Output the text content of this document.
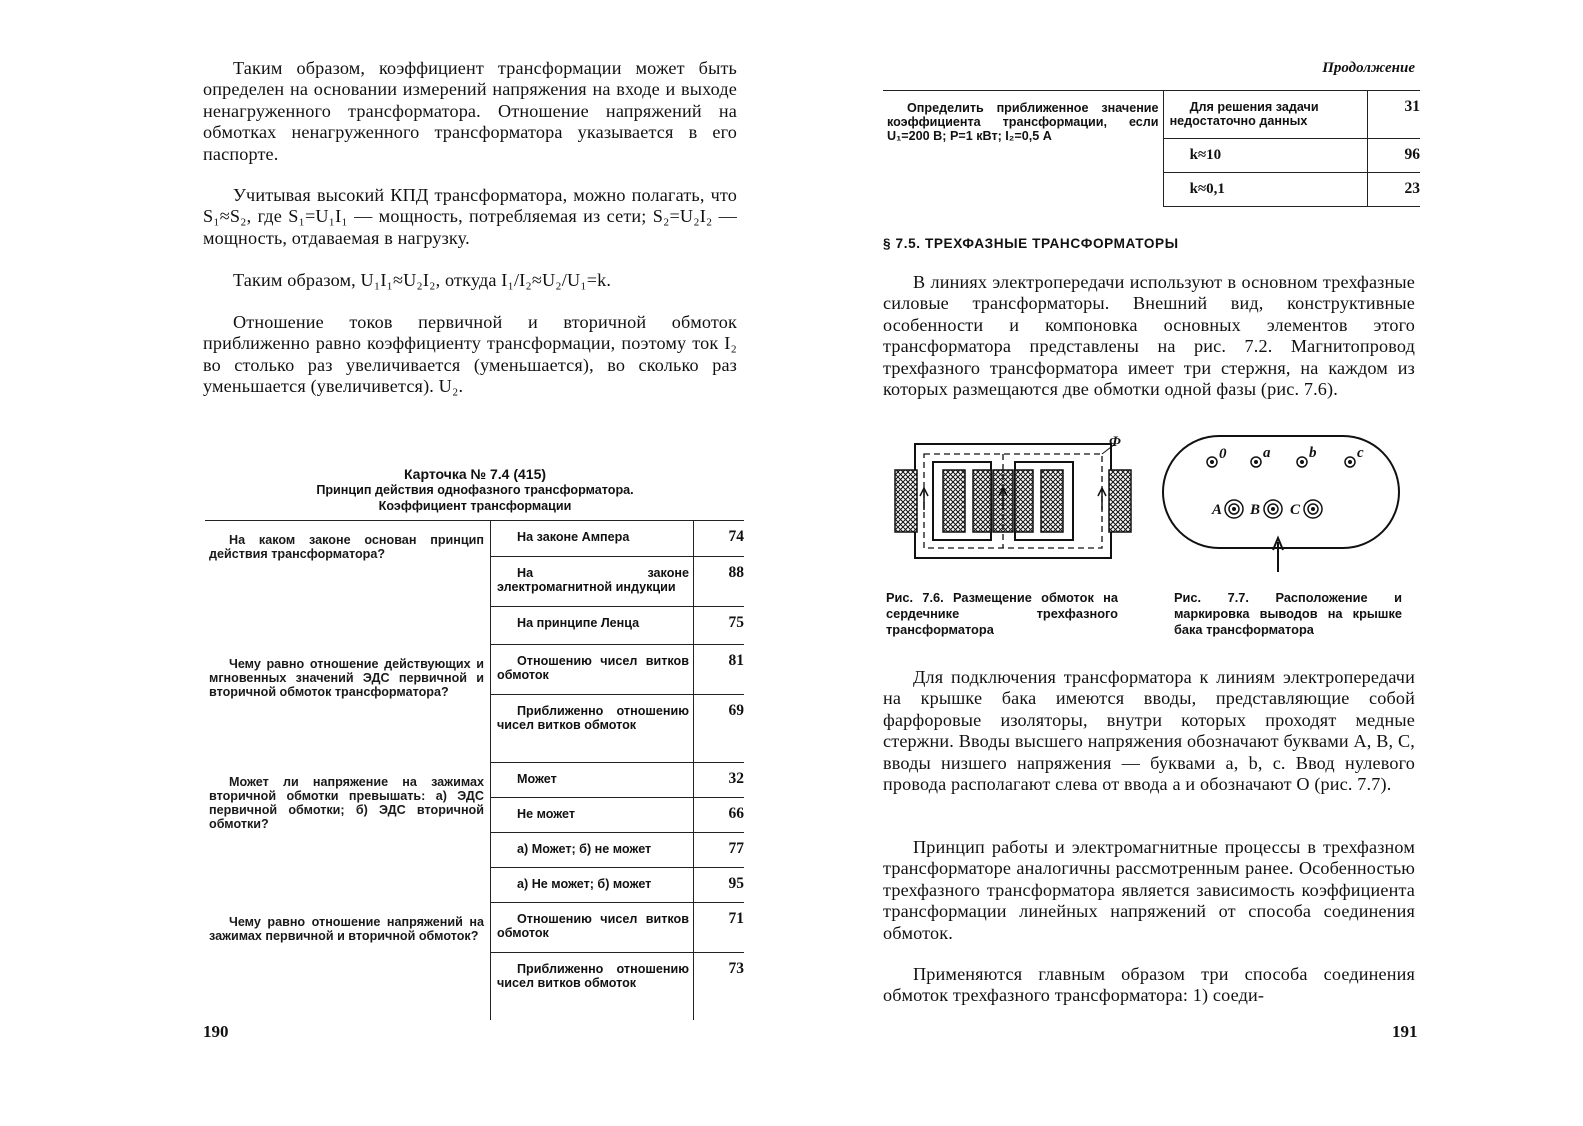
Таким образом, коэффициент трансформации может быть определен на основании измерений напряжения на входе и выходе ненагруженного трансформатора. Отношение напряжений на обмотках ненагруженного трансформатора указывается в его паспорте.

Учитывая высокий КПД трансформатора, можно полагать, что S₁≈S₂, где S₁=U₁I₁ — мощность, потребляемая из сети; S₂=U₂I₂ — мощность, отдаваемая в нагрузку.

Таким образом, U₁I₁≈U₂I₂, откуда I₁/I₂≈U₂/U₁=k.

Отношение токов первичной и вторичной обмоток приближенно равно коэффициенту трансформации, поэтому ток I₂ во столько раз увеличивается (уменьшается), во сколько раз уменьшается (увеличивется). U₂.

Карточка № 7.4 (415)
Принцип действия однофазного трансформатора.
Коэффициент трансформации
На каком законе основан принцип действия трансформатора?	На законе Ампера	74
	На законе электромагнитной индукции	88
	На принципе Ленца	75
Чему равно отношение действующих и мгновенных значений ЭДС первичной и вторичной обмоток трансформатора?	Отношению чисел витков обмоток	81
	Приближенно отношению чисел витков обмоток	69
Может ли напряжение на зажимах вторичной обмотки превышать: а) ЭДС первичной обмотки; б) ЭДС вторичной обмотки?	Может	32
	Не может	66
	а) Может; б) не может	77
	а) Не может; б) может	95
Чему равно отношение напряжений на зажимах первичной и вторичной обмоток?	Отношению чисел витков обмоток	71
	Приближенно отношению чисел витков обмоток	73
190
Продолжение
Определить приближенное значение коэффициента трансформации, если U₁=200 В; P=1 кВт; I₂=0,5 А	Для решения задачи недостаточно данных	31
	k≈10	96
	k≈0,1	23
§ 7.5. ТРЕХФАЗНЫЕ ТРАНСФОРМАТОРЫ

В линиях электропередачи используют в основном трехфазные силовые трансформаторы. Внешний вид, конструктивные особенности и компоновка основных элементов этого трансформатора представлены на рис. 7.2. Магнитопровод трехфазного трансформатора имеет три стержня, на каждом из которых размещаются две обмотки одной фазы (рис. 7.6).

Φ
0 a	b	c
A B C

Рис. 7.6. Размещение обмоток на сердечнике трехфазного трансформатора

Рис. 7.7. Расположение и маркировка выводов на крышке бака трансформатора

Для подключения трансформатора к линиям электропередачи на крышке бака имеются вводы, представляющие собой фарфоровые изоляторы, внутри которых проходят медные стержни. Вводы высшего напряжения обозначают буквами A, B, C, вводы низшего напряжения — буквами a, b, c. Ввод нулевого провода располагают слева от ввода a и обозначают O (рис. 7.7).

Принцип работы и электромагнитные процессы в трехфазном трансформаторе аналогичны рассмотренным ранее. Особенностью трехфазного трансформатора является зависимость коэффициента трансформации линейных напряжений от способа соединения обмоток.

Применяются главным образом три способа соединения обмоток трехфазного трансформатора: 1) соеди-

191
